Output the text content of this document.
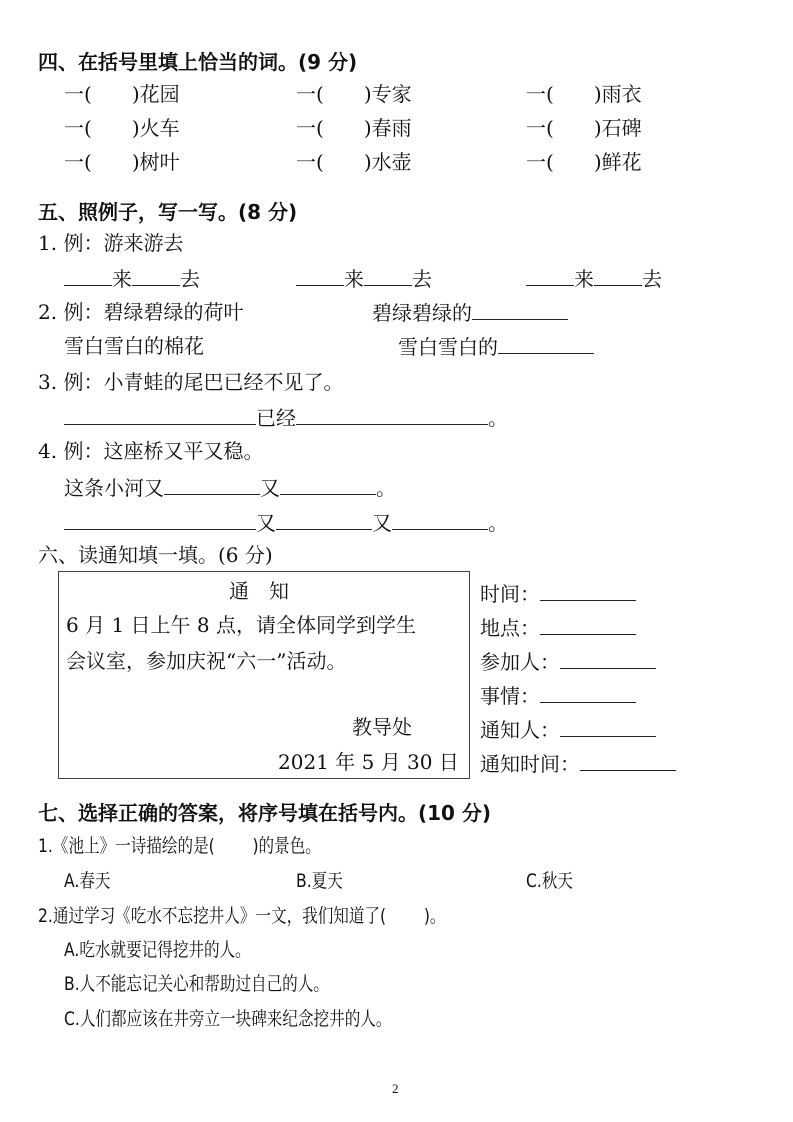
四、在括号里填上恰当的词。(9 分)
一( )花园	一( )专家	一( )雨衣
一( )火车	一( )春雨	一( )石碑
一( )树叶	一( )水壶	一( )鲜花
五、照例子，写一写。(8 分)
1. 例：游来游去
来 去	来 去	来 去
2. 例：碧绿碧绿的荷叶	碧绿碧绿的
雪白雪白的棉花	雪白雪白的
3. 例：小青蛙的尾巴已经不见了。
已经	。
4. 例：这座桥又平又稳。
这条小河又	又	。
又	又	。
六、读通知填一填。(6 分)
通　知
6 月 1 日上午 8 点，请全体同学到学生
会议室，参加庆祝“六一”活动。
教导处
2021 年 5 月 30 日
时间：
地点：
参加人：
事情：
通知人：
通知时间：
七、选择正确的答案，将序号填在括号内。(10 分)
1.《池上》一诗描绘的是( )的景色。
A.春天	B.夏天	C.秋天
2.通过学习《吃水不忘挖井人》一文，我们知道了( )。
A.吃水就要记得挖井的人。
B.人不能忘记关心和帮助过自己的人。
C.人们都应该在井旁立一块碑来纪念挖井的人。
2
